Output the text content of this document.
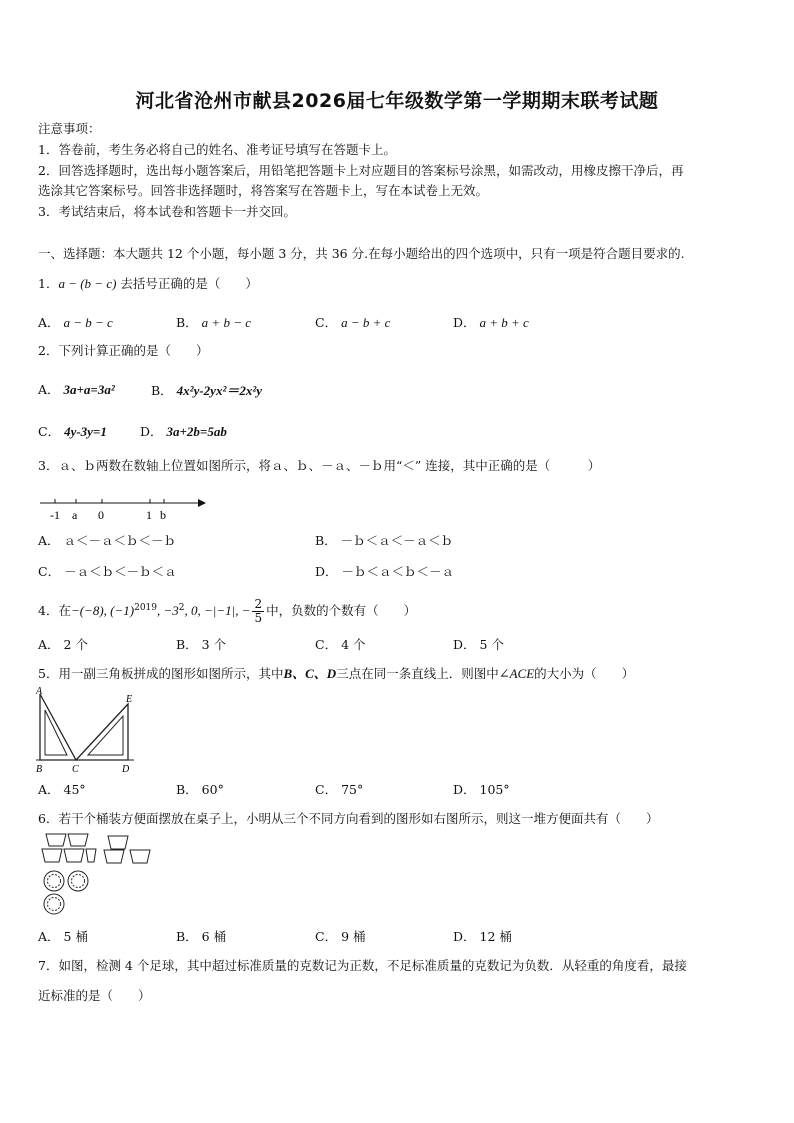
河北省沧州市献县2026届七年级数学第一学期期末联考试题
注意事项：
1．答卷前，考生务必将自己的姓名、准考证号填写在答题卡上。
2．回答选择题时，选出每小题答案后，用铅笔把答题卡上对应题目的答案标号涂黑，如需改动，用橡皮擦干净后，再
选涂其它答案标号。回答非选择题时，将答案写在答题卡上，写在本试卷上无效。
3．考试结束后，将本试卷和答题卡一并交回。
一、选择题：本大题共 12 个小题，每小题 3 分，共 36 分.在每小题给出的四个选项中，只有一项是符合题目要求的.
1．a − (b − c) 去括号正确的是（　　）
A． a − b − c	B． a + b − c	C． a − b + c	D． a + b + c
2．下列计算正确的是（　　）
A． 3a+a=3a²	B． 4x²y-2yx²＝2x²y
C． 4y-3y=1	D． 3a+2b=5ab
3．ａ、ｂ两数在数轴上位置如图所示，将ａ、ｂ、－ａ、－ｂ用“＜” 连接，其中正确的是（　　　）
-1 a 0	1 b
A． ａ＜－ａ＜ｂ＜－ｂ	B． －ｂ＜ａ＜－ａ＜ｂ
C． －ａ＜ｂ＜－ｂ＜ａ	D． －ｂ＜ａ＜ｂ＜－ａ
4．在−(−8), $(-1)^{2019}$, $-3^2$, 0, −|−1|, − $\frac{2}{5}$ 中，负数的个数有（　　）
A． 2 个	B． 3 个	C． 4 个	D． 5 个
5．用一副三角板拼成的图形如图所示，其中B、C、D三点在同一条直线上．则图中∠ACE的大小为（　　）
A
E
B	C	D
A． 45°	B． 60°	C． 75°	D． 105°
6．若干个桶装方便面摆放在桌子上，小明从三个不同方向看到的图形如右图所示，则这一堆方便面共有（　　）
A． 5 桶	B． 6 桶	C． 9 桶	D． 12 桶
7．如图，检测 4 个足球，其中超过标准质量的克数记为正数，不足标准质量的克数记为负数．从轻重的角度看，最接
近标准的是（　　）
